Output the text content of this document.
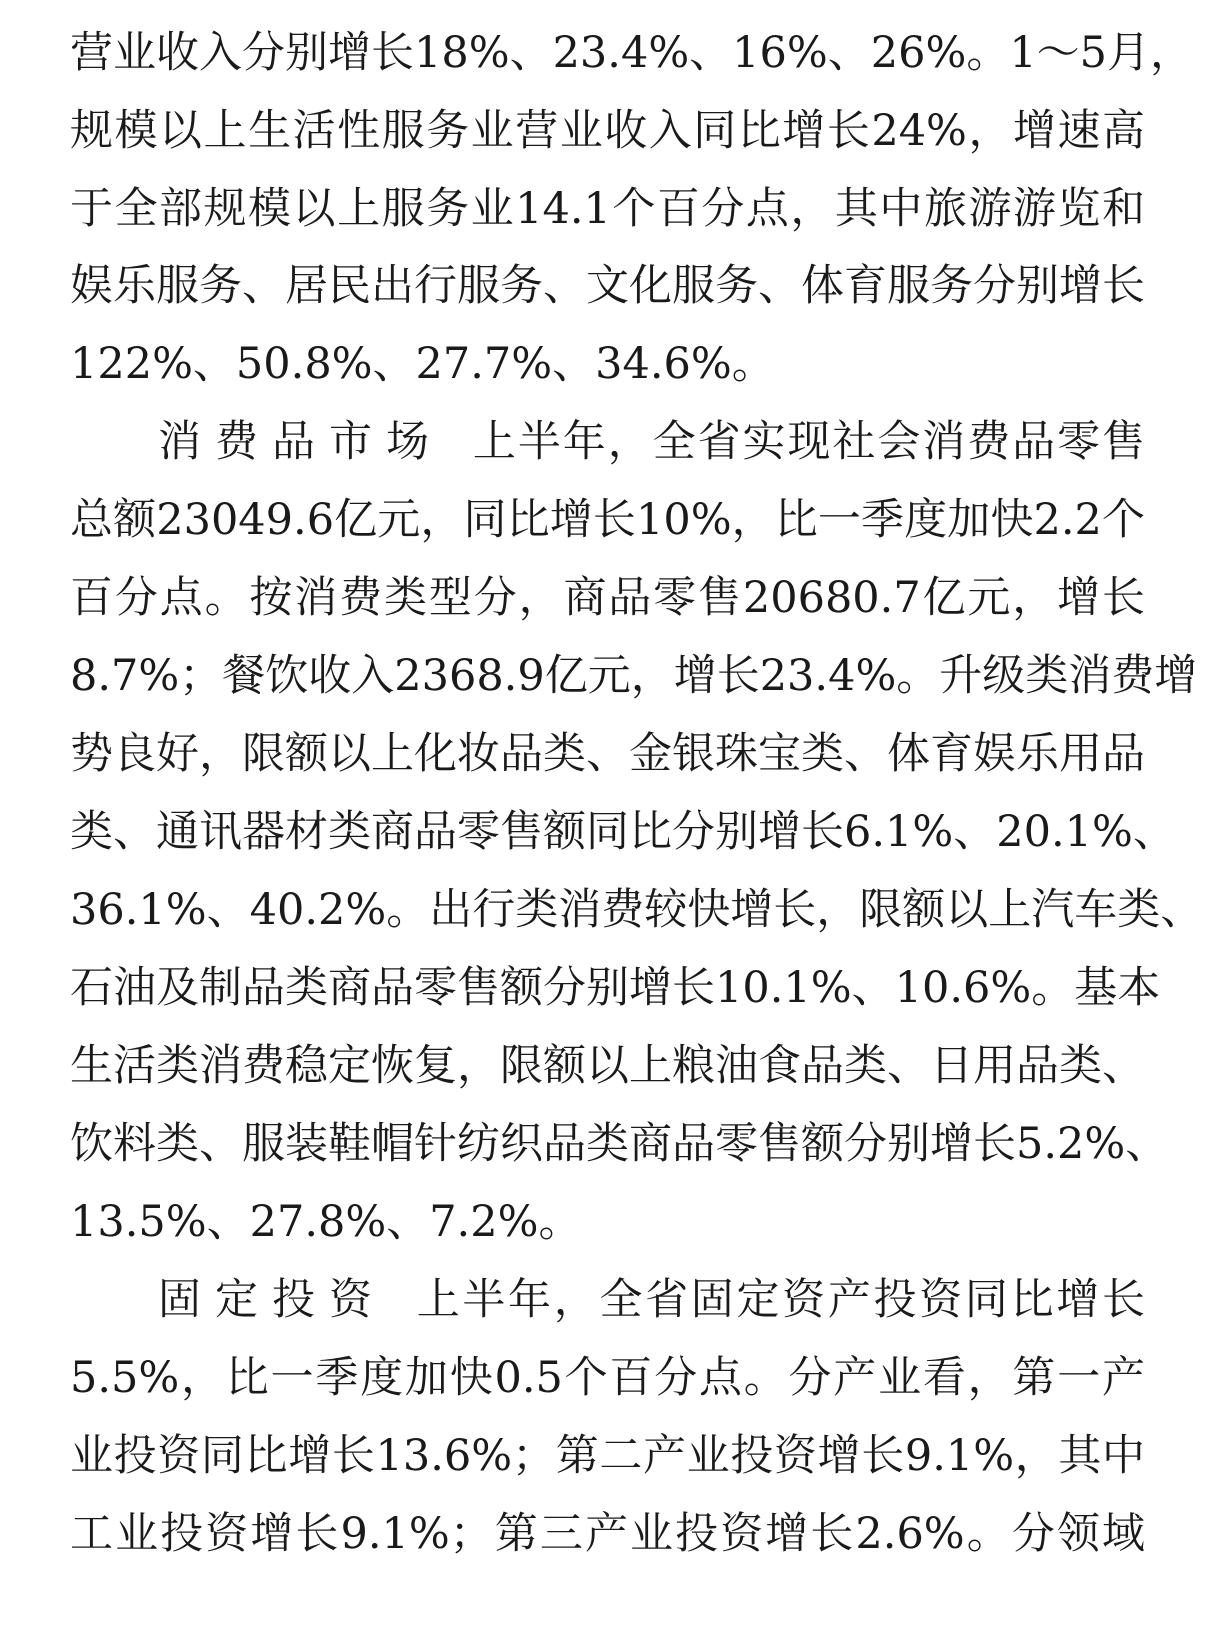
营业收入分别增长18%、23.4%、16%、26%。1～5月，
规模以上生活性服务业营业收入同比增长24%，增速高
于全部规模以上服务业14.1个百分点，其中旅游游览和
娱乐服务、居民出行服务、文化服务、体育服务分别增长
122%、50.8%、27.7%、34.6%。
消费品市场 上半年，全省实现社会消费品零售
总额23049.6亿元，同比增长10%，比一季度加快2.2个
百分点。按消费类型分，商品零售20680.7亿元，增长
8.7%；餐饮收入2368.9亿元，增长23.4%。升级类消费增
势良好，限额以上化妆品类、金银珠宝类、体育娱乐用品
类、通讯器材类商品零售额同比分别增长6.1%、20.1%、
36.1%、40.2%。出行类消费较快增长，限额以上汽车类、
石油及制品类商品零售额分别增长10.1%、10.6%。基本
生活类消费稳定恢复，限额以上粮油食品类、日用品类、
饮料类、服装鞋帽针纺织品类商品零售额分别增长5.2%、
13.5%、27.8%、7.2%。
固定投资 上半年，全省固定资产投资同比增长
5.5%，比一季度加快0.5个百分点。分产业看，第一产
业投资同比增长13.6%；第二产业投资增长9.1%，其中
工业投资增长9.1%；第三产业投资增长2.6%。分领域
